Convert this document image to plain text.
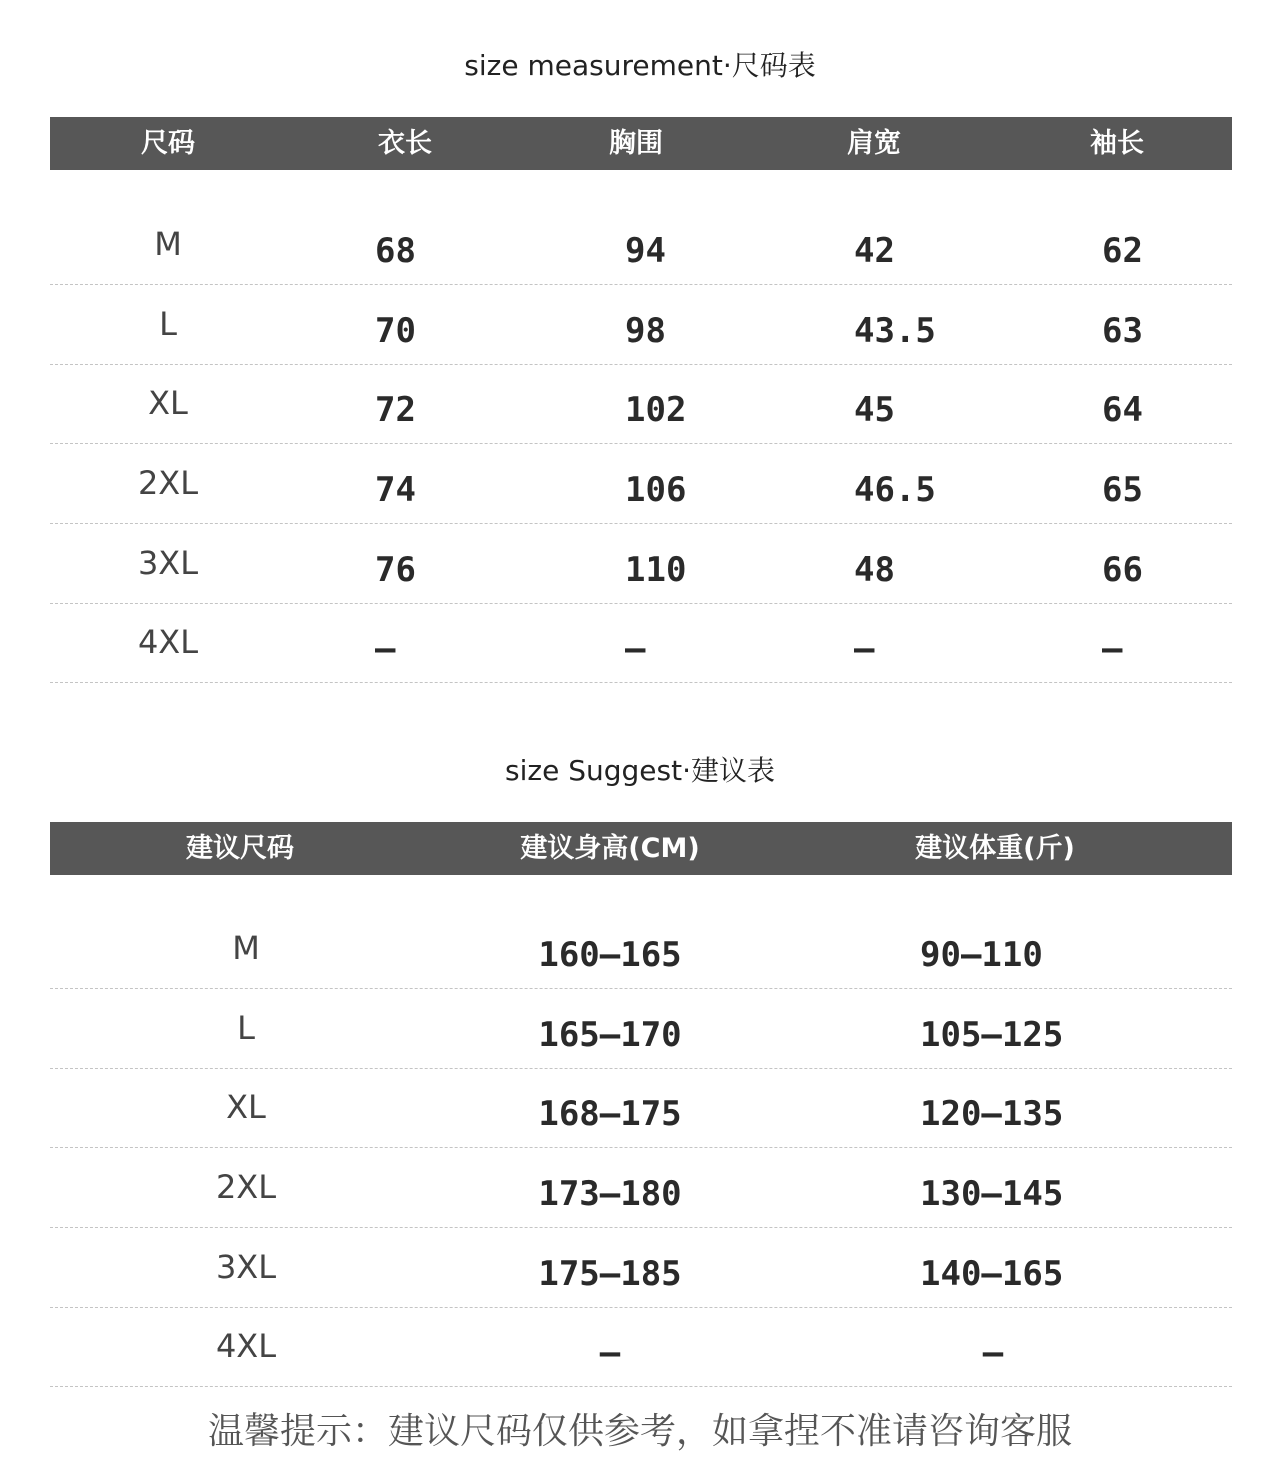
size measurement·尺码表
尺码	衣长	胸围	肩宽	袖长
M	68	94	42	62
L	70	98	43.5	63
XL	72	102	45	64
2XL	74	106	46.5	65
3XL	76	110	48	66
4XL	—	—	—	—
size Suggest·建议表
建议尺码	建议身高(CM)	建议体重(斤)
M	160—165	90—110
L	165—170	105—125
XL	168—175	120—135
2XL	173—180	130—145
3XL	175—185	140—165
4XL	—	—
温馨提示：建议尺码仅供参考，如拿捏不准请咨询客服
